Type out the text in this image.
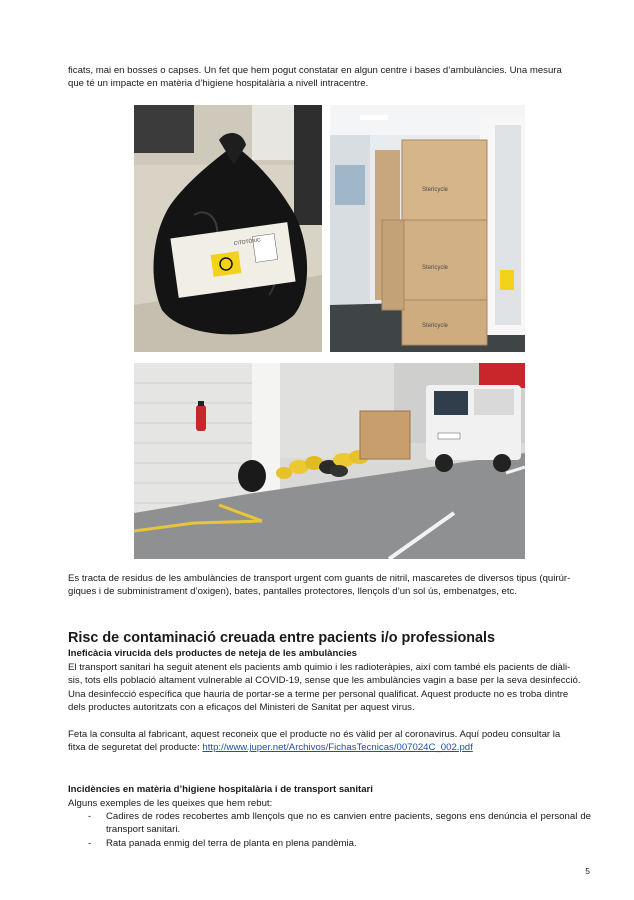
ficats, mai en bosses o capses. Un fet que hem pogut constatar en algun centre i bases d’ambulàncies. Una mesura
que té un impacte en matèria d’higiene hospitalària a nivell intracentre.

CITOTÒXIC
Stericycle
Stericycle
Stericycle

Es tracta de residus de les ambulàncies de transport urgent com guants de nitril, mascaretes de diversos tipus (quirúr-
giques i de subministrament d’oxigen), bates, pantalles protectores, llençols d’un sol ús, embenatges, etc.

Risc de contaminació creuada entre pacients i/o professionals
Ineficàcia virucida dels productes de neteja de les ambulàncies

El transport sanitari ha seguit atenent els pacients amb quimio i les radioteràpies, així com també els pacients de diàli-
sis, tots ells població altament vulnerable al COVID-19, sense que les ambulàncies vagin a base per la seva desinfecció.
Una desinfecció específica que hauria de portar-se a terme per personal qualificat. Aquest producte no es troba dintre
dels productes autoritzats con a eficaços del Ministeri de Sanitat per aquest virus.

Feta la consulta al fabricant, aquest reconeix que el producte no és vàlid per al coronavirus. Aquí podeu consultar la
fitxa de seguretat del producte: http://www.juper.net/Archivos/FichasTecnicas/007024C_002.pdf

Incidències en matèria d’higiene hospitalària i de transport sanitari

Alguns exemples de les queixes que hem rebut:

- Cadires de rodes recobertes amb llençols que no es canvien entre pacients, segons ens denúncia el personal de transport sanitari.
- Rata panada enmig del terra de planta en plena pandèmia.
5
